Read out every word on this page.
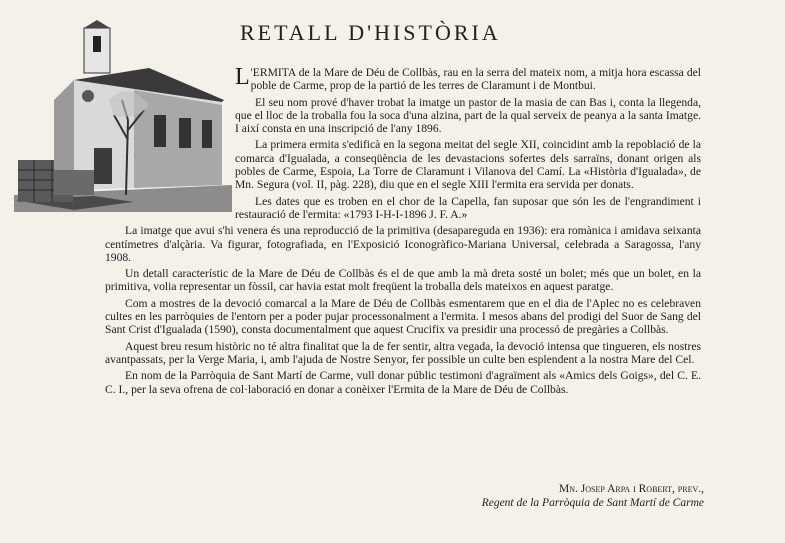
RETALL D'HISTÒRIA

L 'ERMITA de la Mare de Déu de Collbàs, rau en la serra del mateix nom, a mitja hora escassa del poble de Carme, prop de la partió de les terres de Claramunt i de Montbui.

El seu nom prové d'haver trobat la imatge un pastor de la masia de can Bas i, conta la llegenda, que el lloc de la troballa fou la soca d'una alzina, part de la qual serveix de peanya a la santa Imatge. I així consta en una inscripció de l'any 1896.

La primera ermita s'edificà en la segona meitat del segle XII, coincidint amb la repoblació de la comarca d'Igualada, a conseqüència de les devastacions sofertes dels sarraïns, donant origen als pobles de Carme, Espoia, La Torre de Claramunt i Vilanova del Camí. La «Història d'Igualada», de Mn. Segura (vol. II, pàg. 228), diu que en el segle XIII l'ermita era servida per donats.

Les dates que es troben en el chor de la Capella, fan suposar que són les de l'engrandiment i restauració de l'ermita: «1793 I-H-I-1896 J. F. A.»

La imatge que avui s'hi venera és una reproducció de la primitiva (desapareguda en 1936): era romànica i amidava seixanta centímetres d'alçària. Va figurar, fotografiada, en l'Exposició Iconogràfico-Mariana Universal, celebrada a Saragossa, l'any 1908.

Un detall característic de la Mare de Déu de Collbàs és el de que amb la mà dreta sosté un bolet; més que un bolet, en la primitiva, volia representar un fòssil, car havia estat molt freqüent la troballa dels mateixos en aquest paratge.

Com a mostres de la devoció comarcal a la Mare de Déu de Collbàs esmentarem que en el dia de l'Aplec no es celebraven cultes en les parròquies de l'entorn per a poder pujar processonalment a l'ermita. I mesos abans del prodigi del Suor de Sang del Sant Crist d'Igualada (1590), consta documentalment que aquest Crucifix va presidir una processó de pregàries a Collbàs.

Aquest breu resum històric no té altra finalitat que la de fer sentir, altra vegada, la devoció intensa que tingueren, els nostres avantpassats, per la Verge Maria, i, amb l'ajuda de Nostre Senyor, fer possible un culte ben esplendent a la nostra Mare del Cel.

En nom de la Parròquia de Sant Martí de Carme, vull donar públic testimoni d'agraïment als «Amics dels Goigs», del C. E. C. I., per la seva ofrena de col·laboració en donar a conèixer l'Ermita de la Mare de Déu de Collbàs.

Mn. Josep Arpa i Robert, prev.,
Regent de la Parròquia de Sant Martí de Carme
